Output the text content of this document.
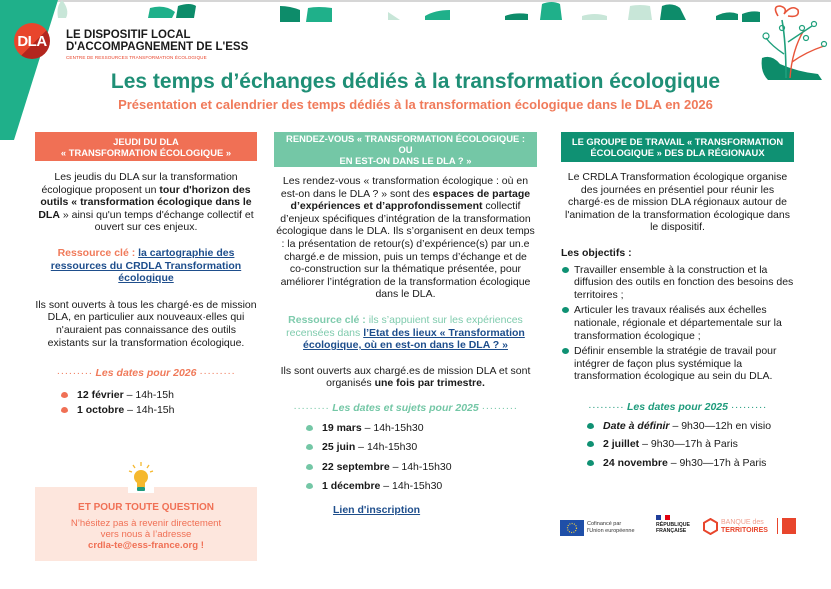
DLA LE DISPOSITIF LOCAL
D'ACCOMPAGNEMENT DE L'ESS
CENTRE DE RESSOURCES TRANSFORMATION ÉCOLOGIQUE
Les temps d’échanges dédiés à la transformation écologique
Présentation et calendrier des temps dédiés à la transformation écologique dans le DLA en 2026
JEUDI DU DLA
« TRANSFORMATION ÉCOLOGIQUE »

Les jeudis du DLA sur la transformation écologique proposent un tour d'horizon des outils « transformation écologique dans le DLA » ainsi qu'un temps d'échange collectif et ouvert sur ces enjeux.

Ressource clé : la cartographie des ressources du CRDLA Transformation écologique

Ils sont ouverts à tous les chargé·es de mission DLA, en particulier aux nouveaux·elles qui n'auraient pas connaissance des outils existants sur la transformation écologique.

········· Les dates pour 2026 ·········

12 février – 14h-15h
1 octobre – 14h-15h
ET POUR TOUTE QUESTION
N’hésitez pas à revenir directement vers nous à l’adresse
crdla-te@ess-france.org !
RENDEZ-VOUS « TRANSFORMATION ÉCOLOGIQUE : OU
EN EST-ON DANS LE DLA ? »

Les rendez-vous « transformation écologique : où en est-on dans le DLA ? » sont des espaces de partage d’expériences et d’approfondissement collectif d’enjeux spécifiques d’intégration de la transformation écologique dans le DLA. Ils s’organisent en deux temps : la présentation de retour(s) d’expérience(s) par un.e chargé.e de mission, puis un temps d’échange et de co-construction sur la thématique présentée, pour améliorer l’intégration de la transformation écologique dans le DLA.

Ressource clé : ils s’appuient sur les expériences recensées dans l’Etat des lieux « Transformation écologique, où en est-on dans le DLA ? »

Ils sont ouverts aux chargé.es de mission DLA et sont organisés une fois par trimestre.

········· Les dates et sujets pour 2025 ·········

19 mars – 14h-15h30
25 juin – 14h-15h30
22 septembre – 14h-15h30
1 décembre – 14h-15h30

Lien d'inscription

LE GROUPE DE TRAVAIL « TRANSFORMATION
ÉCOLOGIQUE » DES DLA RÉGIONAUX

Le CRDLA Transformation écologique organise des journées en présentiel pour réunir les chargé·es de mission DLA régionaux autour de l'animation de la transformation écologique dans le dispositif.

Les objectifs :

Travailler ensemble à la construction et la diffusion des outils en fonction des besoins des territoires ;
Articuler les travaux réalisés aux échelles nationale, régionale et départementale sur la transformation écologique ;
Définir ensemble la stratégie de travail pour intégrer de façon plus systémique la transformation écologique au sein du DLA.

········· Les dates pour 2025 ·········

Date à définir – 9h30—12h en visio
2 juillet – 9h30—17h à Paris
24 novembre – 9h30—17h à Paris
Cofinancé par
l'Union européenne
RÉPUBLIQUE
FRANÇAISE
BANQUE des
TERRITOIRES
